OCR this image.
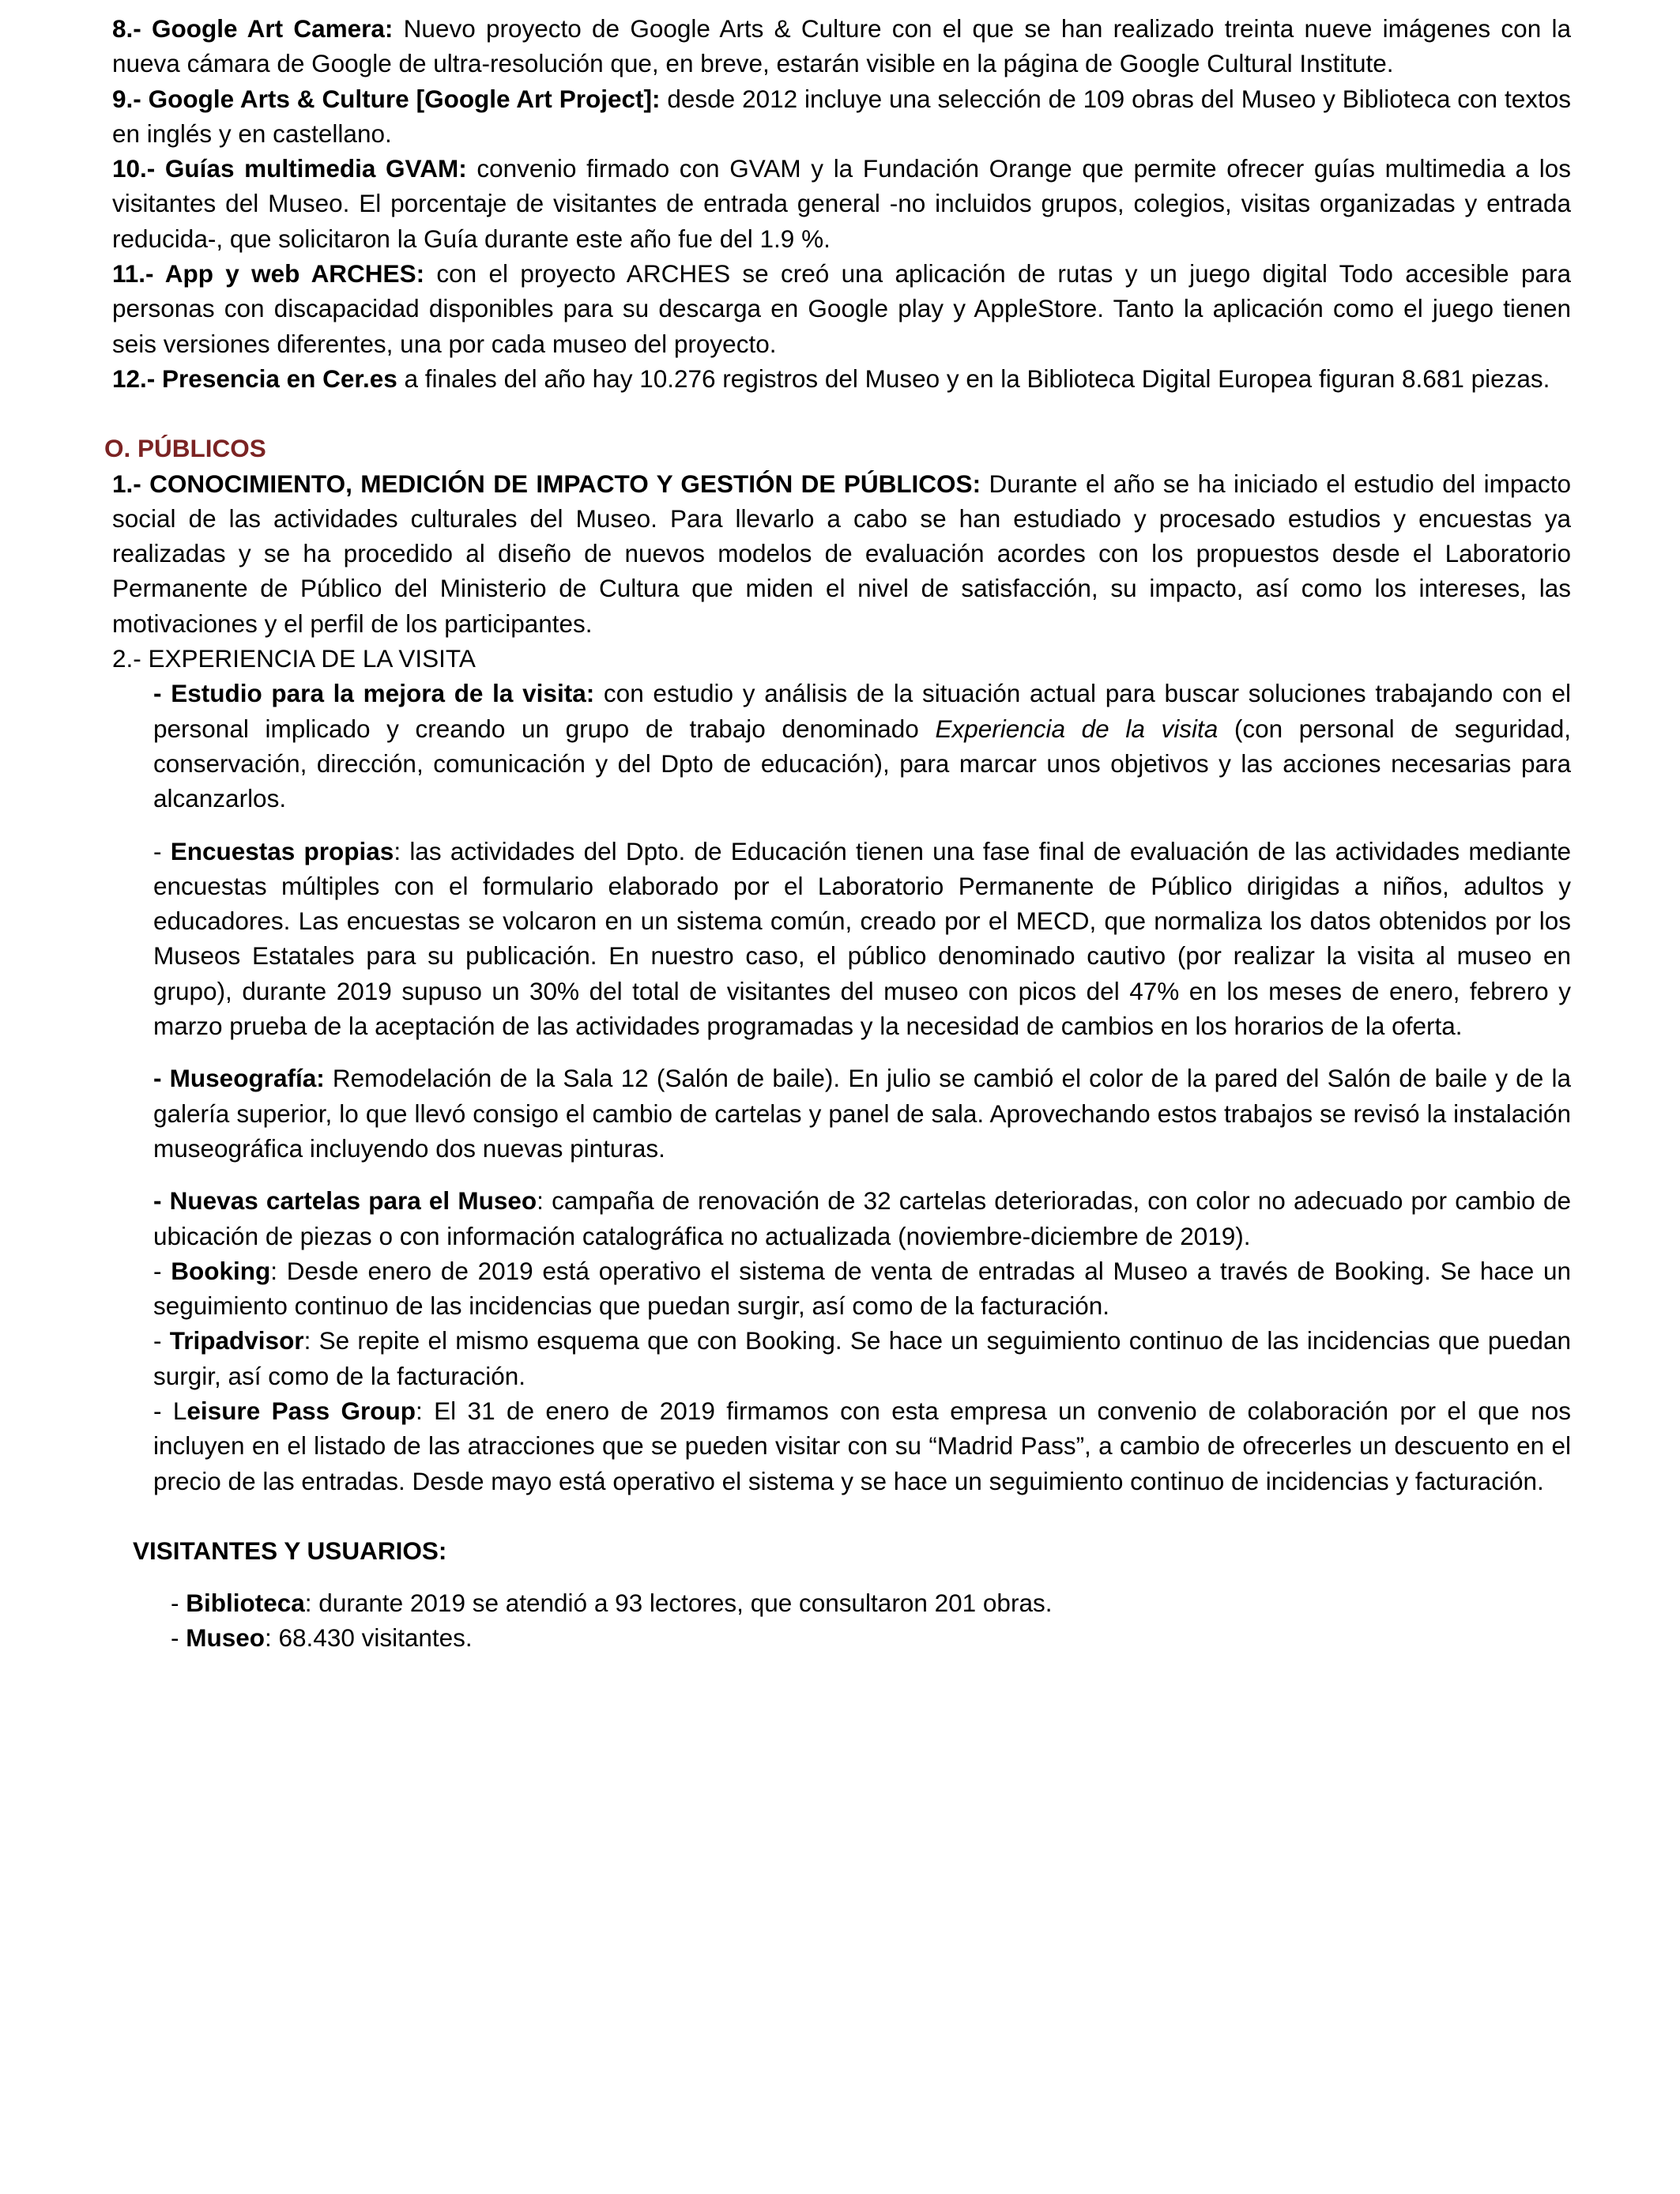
8.- Google Art Camera: Nuevo proyecto de Google Arts & Culture con el que se han realizado treinta nueve imágenes con la nueva cámara de Google de ultra-resolución que, en breve, estarán visible en la página de Google Cultural Institute.

9.- Google Arts & Culture [Google Art Project]: desde 2012 incluye una selección de 109 obras del Museo y Biblioteca con textos en inglés y en castellano.

10.- Guías multimedia GVAM: convenio firmado con GVAM y la Fundación Orange que permite ofrecer guías multimedia a los visitantes del Museo. El porcentaje de visitantes de entrada general -no incluidos grupos, colegios, visitas organizadas y entrada reducida-, que solicitaron la Guía durante este año fue del 1.9 %.

11.- App y web ARCHES: con el proyecto ARCHES se creó una aplicación de rutas y un juego digital Todo accesible para personas con discapacidad disponibles para su descarga en Google play y AppleStore. Tanto la aplicación como el juego tienen seis versiones diferentes, una por cada museo del proyecto.

12.- Presencia en Cer.es a finales del año hay 10.276 registros del Museo y en la Biblioteca Digital Europea figuran 8.681 piezas.

O. PÚBLICOS

1.- CONOCIMIENTO, MEDICIÓN DE IMPACTO Y GESTIÓN DE PÚBLICOS: Durante el año se ha iniciado el estudio del impacto social de las actividades culturales del Museo. Para llevarlo a cabo se han estudiado y procesado estudios y encuestas ya realizadas y se ha procedido al diseño de nuevos modelos de evaluación acordes con los propuestos desde el Laboratorio Permanente de Público del Ministerio de Cultura que miden el nivel de satisfacción, su impacto, así como los intereses, las motivaciones y el perfil de los participantes.

2.- EXPERIENCIA DE LA VISITA

- Estudio para la mejora de la visita: con estudio y análisis de la situación actual para buscar soluciones trabajando con el personal implicado y creando un grupo de trabajo denominado Experiencia de la visita (con personal de seguridad, conservación, dirección, comunicación y del Dpto de educación), para marcar unos objetivos y las acciones necesarias para alcanzarlos.

- Encuestas propias: las actividades del Dpto. de Educación tienen una fase final de evaluación de las actividades mediante encuestas múltiples con el formulario elaborado por el Laboratorio Permanente de Público dirigidas a niños, adultos y educadores. Las encuestas se volcaron en un sistema común, creado por el MECD, que normaliza los datos obtenidos por los Museos Estatales para su publicación. En nuestro caso, el público denominado cautivo (por realizar la visita al museo en grupo), durante 2019 supuso un 30% del total de visitantes del museo con picos del 47% en los meses de enero, febrero y marzo prueba de la aceptación de las actividades programadas y la necesidad de cambios en los horarios de la oferta.

- Museografía: Remodelación de la Sala 12 (Salón de baile). En julio se cambió el color de la pared del Salón de baile y de la galería superior, lo que llevó consigo el cambio de cartelas y panel de sala. Aprovechando estos trabajos se revisó la instalación museográfica incluyendo dos nuevas pinturas.

- Nuevas cartelas para el Museo: campaña de renovación de 32 cartelas deterioradas, con color no adecuado por cambio de ubicación de piezas o con información catalográfica no actualizada (noviembre-diciembre de 2019).

- Booking: Desde enero de 2019 está operativo el sistema de venta de entradas al Museo a través de Booking. Se hace un seguimiento continuo de las incidencias que puedan surgir, así como de la facturación.

- Tripadvisor: Se repite el mismo esquema que con Booking. Se hace un seguimiento continuo de las incidencias que puedan surgir, así como de la facturación.

- Leisure Pass Group: El 31 de enero de 2019 firmamos con esta empresa un convenio de colaboración por el que nos incluyen en el listado de las atracciones que se pueden visitar con su “Madrid Pass”, a cambio de ofrecerles un descuento en el precio de las entradas. Desde mayo está operativo el sistema y se hace un seguimiento continuo de incidencias y facturación.

VISITANTES Y USUARIOS:

- Biblioteca: durante 2019 se atendió a 93 lectores, que consultaron 201 obras.

- Museo: 68.430 visitantes.
